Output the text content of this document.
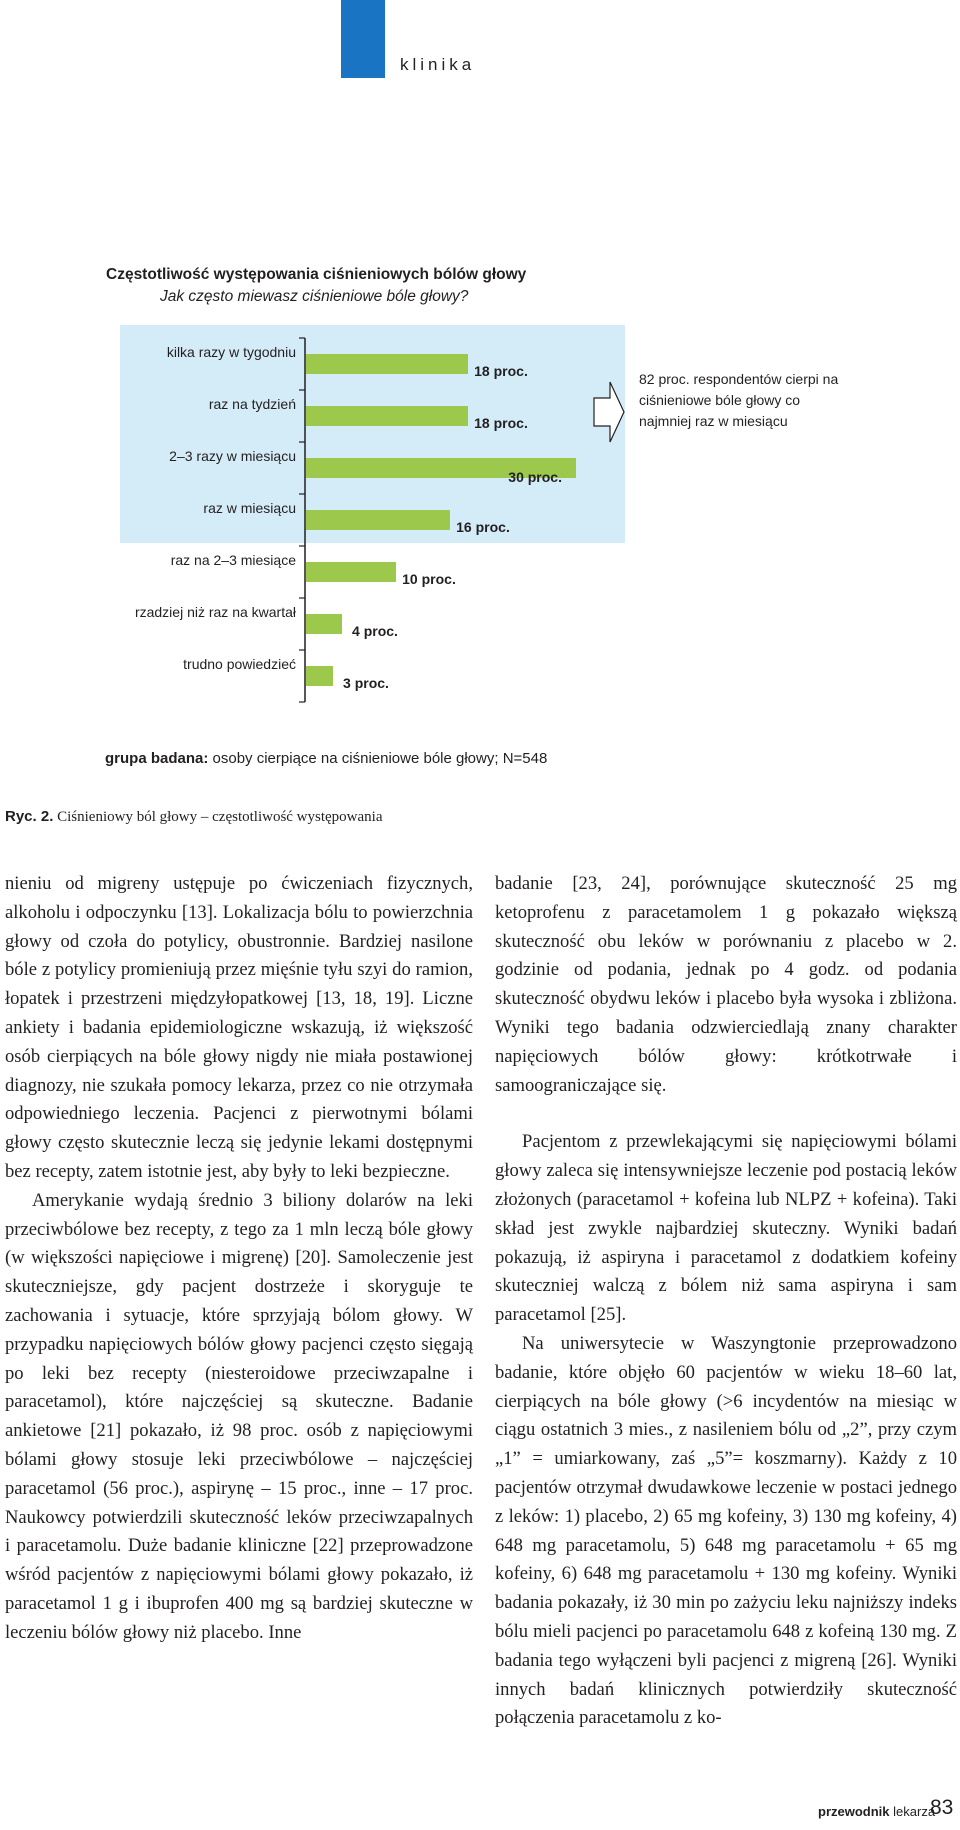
klinika
Częstotliwość występowania ciśnieniowych bólów głowy
Jak często miewasz ciśnieniowe bóle głowy?
kilka razy w tygodniu
18 proc.
raz na tydzień
18 proc.
2–3 razy w miesiącu
30 proc.
raz w miesiącu
16 proc.
raz na 2–3 miesiące
10 proc.
rzadziej niż raz na kwartał
4 proc.
trudno powiedzieć
3 proc.
82 proc. respondentów cierpi na ciśnieniowe bóle głowy co najmniej raz w miesiącu
grupa badana: osoby cierpiące na ciśnieniowe bóle głowy; N=548
Ryc. 2. Ciśnieniowy ból głowy – częstotliwość występowania

nieniu od migreny ustępuje po ćwiczeniach fizycznych, alkoholu i odpoczynku [13]. Lokalizacja bólu to powierzchnia głowy od czoła do potylicy, obustronnie. Bardziej nasilone bóle z potylicy promieniują przez mięśnie tyłu szyi do ramion, łopatek i przestrzeni międzyłopatkowej [13, 18, 19]. Liczne ankiety i badania epidemiologiczne wskazują, iż większość osób cierpiących na bóle głowy nigdy nie miała postawionej diagnozy, nie szukała pomocy lekarza, przez co nie otrzymała odpowiedniego leczenia. Pacjenci z pierwotnymi bólami głowy często skutecznie leczą się jedynie lekami dostępnymi bez recepty, zatem istotnie jest, aby były to leki bezpieczne.

Amerykanie wydają średnio 3 biliony dolarów na leki przeciwbólowe bez recepty, z tego za 1 mln leczą bóle głowy (w większości napięciowe i migrenę) [20]. Samoleczenie jest skuteczniejsze, gdy pacjent dostrzeże i skoryguje te zachowania i sytuacje, które sprzyjają bólom głowy. W przypadku napięciowych bólów głowy pacjenci często sięgają po leki bez recepty (niesteroidowe przeciwzapalne i paracetamol), które najczęściej są skuteczne. Badanie ankietowe [21] pokazało, iż 98 proc. osób z napięciowymi bólami głowy stosuje leki przeciwbólowe – najczęściej paracetamol (56 proc.), aspirynę – 15 proc., inne – 17 proc. Naukowcy potwierdzili skuteczność leków przeciwzapalnych i paracetamolu. Duże badanie kliniczne [22] przeprowadzone wśród pacjentów z napięciowymi bólami głowy pokazało, iż paracetamol 1 g i ibuprofen 400 mg są bardziej skuteczne w leczeniu bólów głowy niż placebo. Inne

badanie [23, 24], porównujące skuteczność 25 mg ketoprofenu z paracetamolem 1 g pokazało większą skuteczność obu leków w porównaniu z placebo w 2. godzinie od podania, jednak po 4 godz. od podania skuteczność obydwu leków i placebo była wysoka i zbliżona. Wyniki tego badania odzwierciedlają znany charakter napięciowych bólów głowy: krótkotrwałe i samoograniczające się.

Pacjentom z przewlekającymi się napięciowymi bólami głowy zaleca się intensywniejsze leczenie pod postacią leków złożonych (paracetamol + kofeina lub NLPZ + kofeina). Taki skład jest zwykle najbardziej skuteczny. Wyniki badań pokazują, iż aspiryna i paracetamol z dodatkiem kofeiny skuteczniej walczą z bólem niż sama aspiryna i sam paracetamol [25].

Na uniwersytecie w Waszyngtonie przeprowadzono badanie, które objęło 60 pacjentów w wieku 18–60 lat, cierpiących na bóle głowy (>6 incydentów na miesiąc w ciągu ostatnich 3 mies., z nasileniem bólu od „2”, przy czym „1” = umiarkowany, zaś „5”= koszmarny). Każdy z 10 pacjentów otrzymał dwudawkowe leczenie w postaci jednego z leków: 1) placebo, 2) 65 mg kofeiny, 3) 130 mg kofeiny, 4) 648 mg paracetamolu, 5) 648 mg paracetamolu + 65 mg kofeiny, 6) 648 mg paracetamolu + 130 mg kofeiny. Wyniki badania pokazały, iż 30 min po zażyciu leku najniższy indeks bólu mieli pacjenci po paracetamolu 648 z kofeiną 130 mg. Z badania tego wyłączeni byli pacjenci z migreną [26]. Wyniki innych badań klinicznych potwierdziły skuteczność połączenia paracetamolu z ko-

przewodnik lekarza
83
